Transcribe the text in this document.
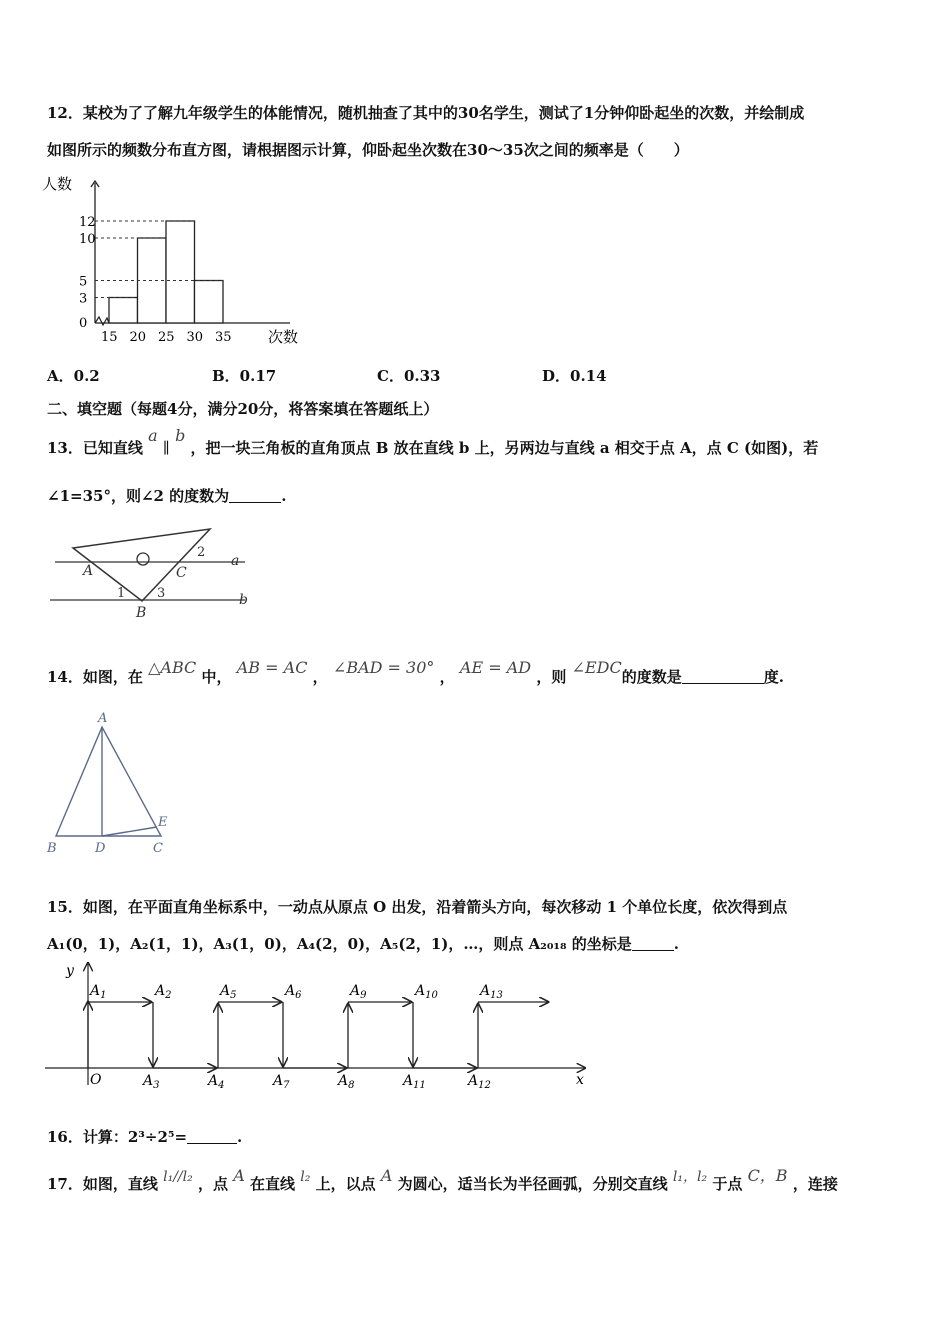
12．某校为了了解九年级学生的体能情况，随机抽查了其中的30名学生，测试了1分钟仰卧起坐的次数，并绘制成
如图所示的频数分布直方图，请根据图示计算，仰卧起坐次数在30～35次之间的频率是（　　）
人数
次数
0
3
5
10
12
15 20 25 30 35
A．0.2	B．0.17	C．0.33	D．0.14
二、填空题（每题4分，满分20分，将答案填在答题纸上）
13．已知直线 a ∥ b ，把一块三角板的直角顶点 B 放在直线 b 上，另两边与直线 a 相交于点 A，点 C (如图)，若
∠1=35°，则∠2 的度数为	.
a
b
A
B
C
1
2
3
14．如图，在 △ABC 中， AB = AC ， ∠BAD = 30° ， AE = AD ，则 ∠EDC的度数是	度.
A
B	D	C
E
15．如图，在平面直角坐标系中，一动点从原点 O 出发，沿着箭头方向，每次移动 1 个单位长度，依次得到点
A₁(0，1)，A₂(1，1)，A₃(1，0)，A₄(2，0)，A₅(2，1)，…，则点 A₂₀₁₈ 的坐标是	.
y
x
O
$A_1$	$A_2$	$A_5$	$A_6$	$A_9$	$A_{10}$	$A_{13}$
$A_3$	$A_4$	$A_7$	$A_8$	$A_{11}$	$A_{12}$
16．计算：2³÷2⁵=	.
17．如图，直线 l₁//l₂ ，点 A 在直线 l₂ 上，以点 A 为圆心，适当长为半径画弧，分别交直线 l₁，l₂ 于点 C，B ，连接
